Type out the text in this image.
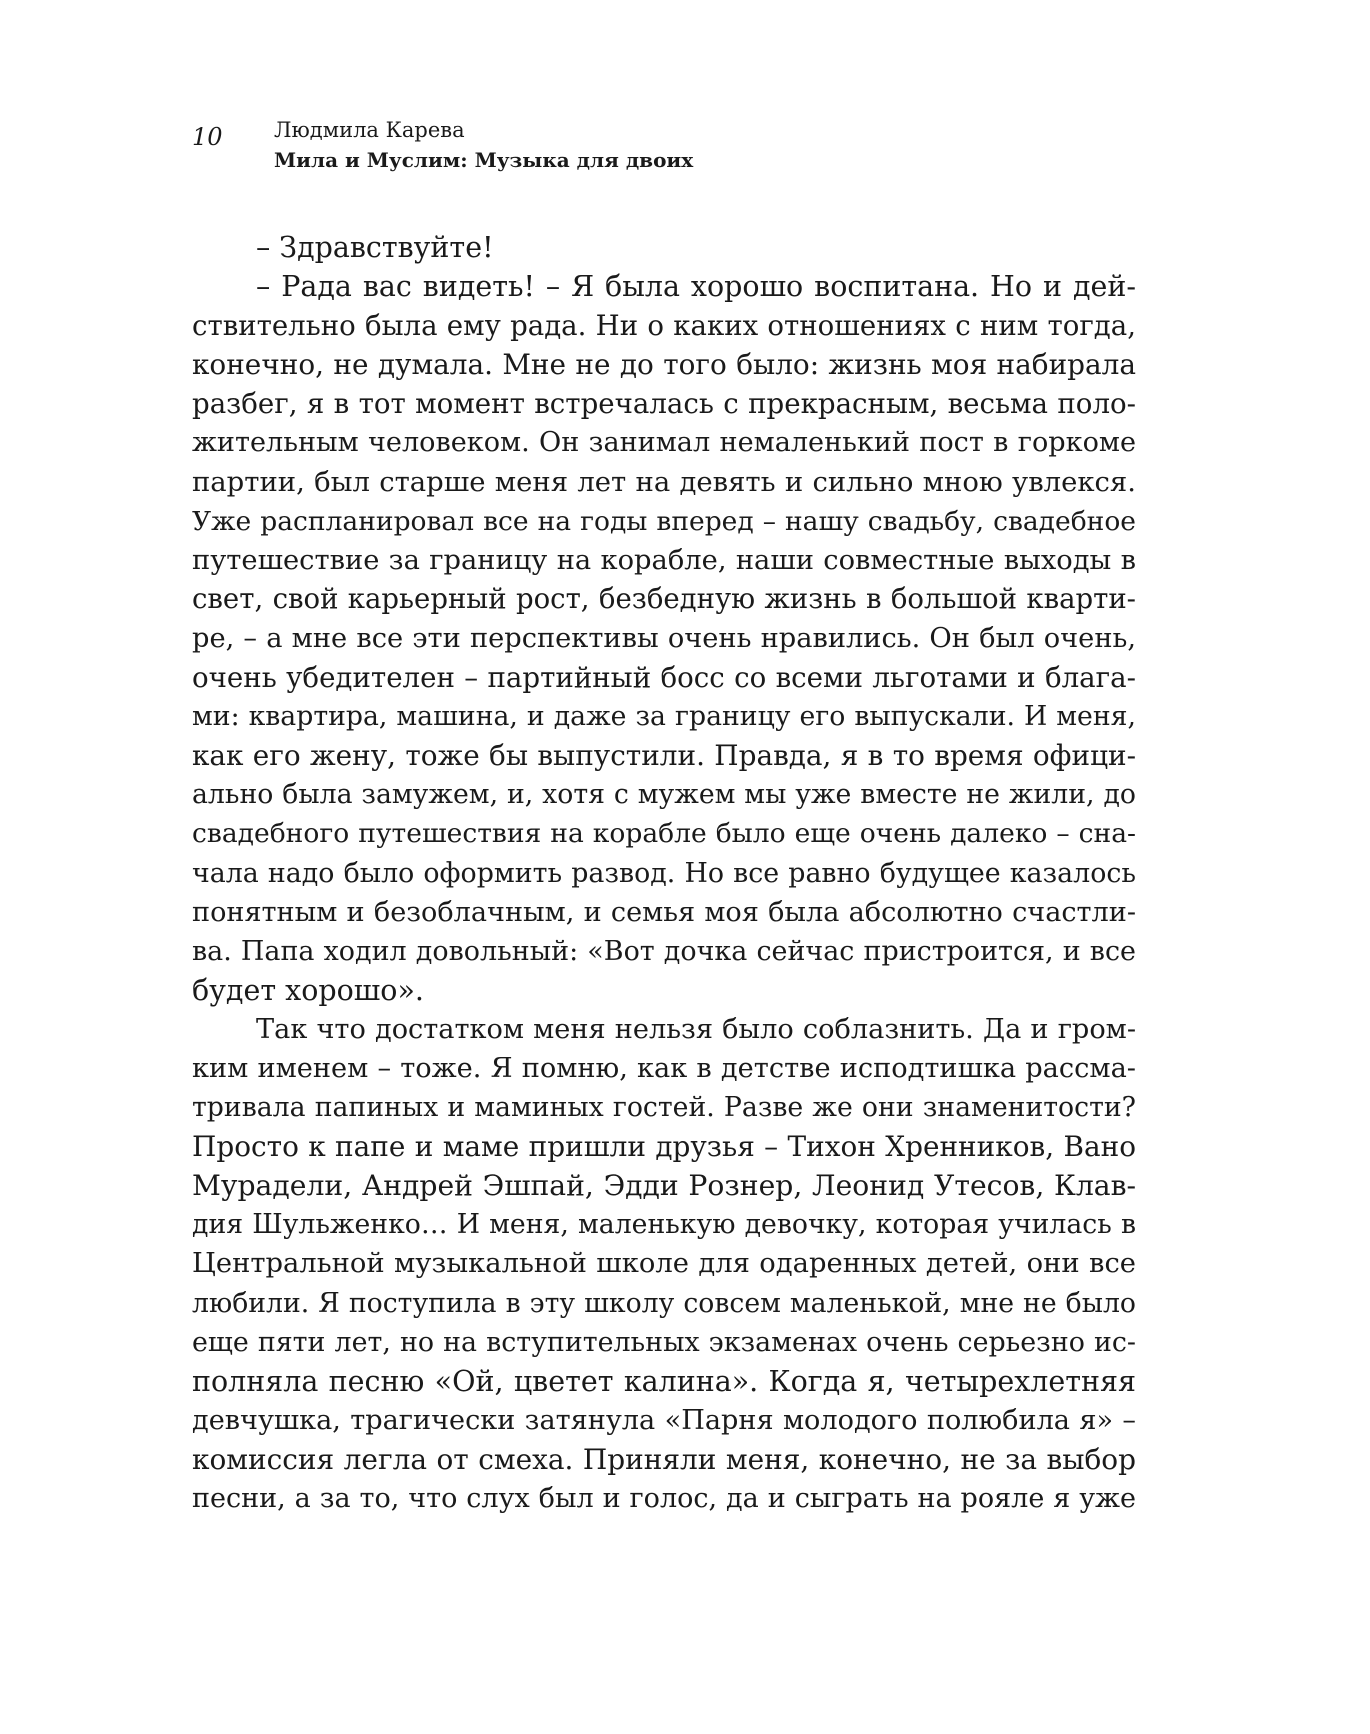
10 Людмила Карева
Мила и Муслим: Музыка для двоих
– Здравствуйте!
– Рада вас видеть! – Я была хорошо воспитана. Но и дей-
ствительно была ему рада. Ни о каких отношениях с ним тогда,
конечно, не думала. Мне не до того было: жизнь моя набирала
разбег, я в тот момент встречалась с прекрасным, весьма поло-
жительным человеком. Он занимал немаленький пост в горкоме
партии, был старше меня лет на девять и сильно мною увлекся.
Уже распланировал все на годы вперед – нашу свадьбу, свадебное
путешествие за границу на корабле, наши совместные выходы в
свет, свой карьерный рост, безбедную жизнь в большой кварти-
ре, – а мне все эти перспективы очень нравились. Он был очень,
очень убедителен – партийный босс со всеми льготами и блага-
ми: квартира, машина, и даже за границу его выпускали. И меня,
как его жену, тоже бы выпустили. Правда, я в то время офици-
ально была замужем, и, хотя с мужем мы уже вместе не жили, до
свадебного путешествия на корабле было еще очень далеко – сна-
чала надо было оформить развод. Но все равно будущее казалось
понятным и безоблачным, и семья моя была абсолютно счастли-
ва. Папа ходил довольный: «Вот дочка сейчас пристроится, и все
будет хорошо».
Так что достатком меня нельзя было соблазнить. Да и гром-
ким именем – тоже. Я помню, как в детстве исподтишка рассма-
тривала папиных и маминых гостей. Разве же они знаменитости?
Просто к папе и маме пришли друзья – Тихон Хренников, Вано
Мурадели, Андрей Эшпай, Эдди Рознер, Леонид Утесов, Клав-
дия Шульженко… И меня, маленькую девочку, которая училась в
Центральной музыкальной школе для одаренных детей, они все
любили. Я поступила в эту школу совсем маленькой, мне не было
еще пяти лет, но на вступительных экзаменах очень серьезно ис-
полняла песню «Ой, цветет калина». Когда я, четырехлетняя
девчушка, трагически затянула «Парня молодого полюбила я» –
комиссия легла от смеха. Приняли меня, конечно, не за выбор
песни, а за то, что слух был и голос, да и сыграть на рояле я уже
